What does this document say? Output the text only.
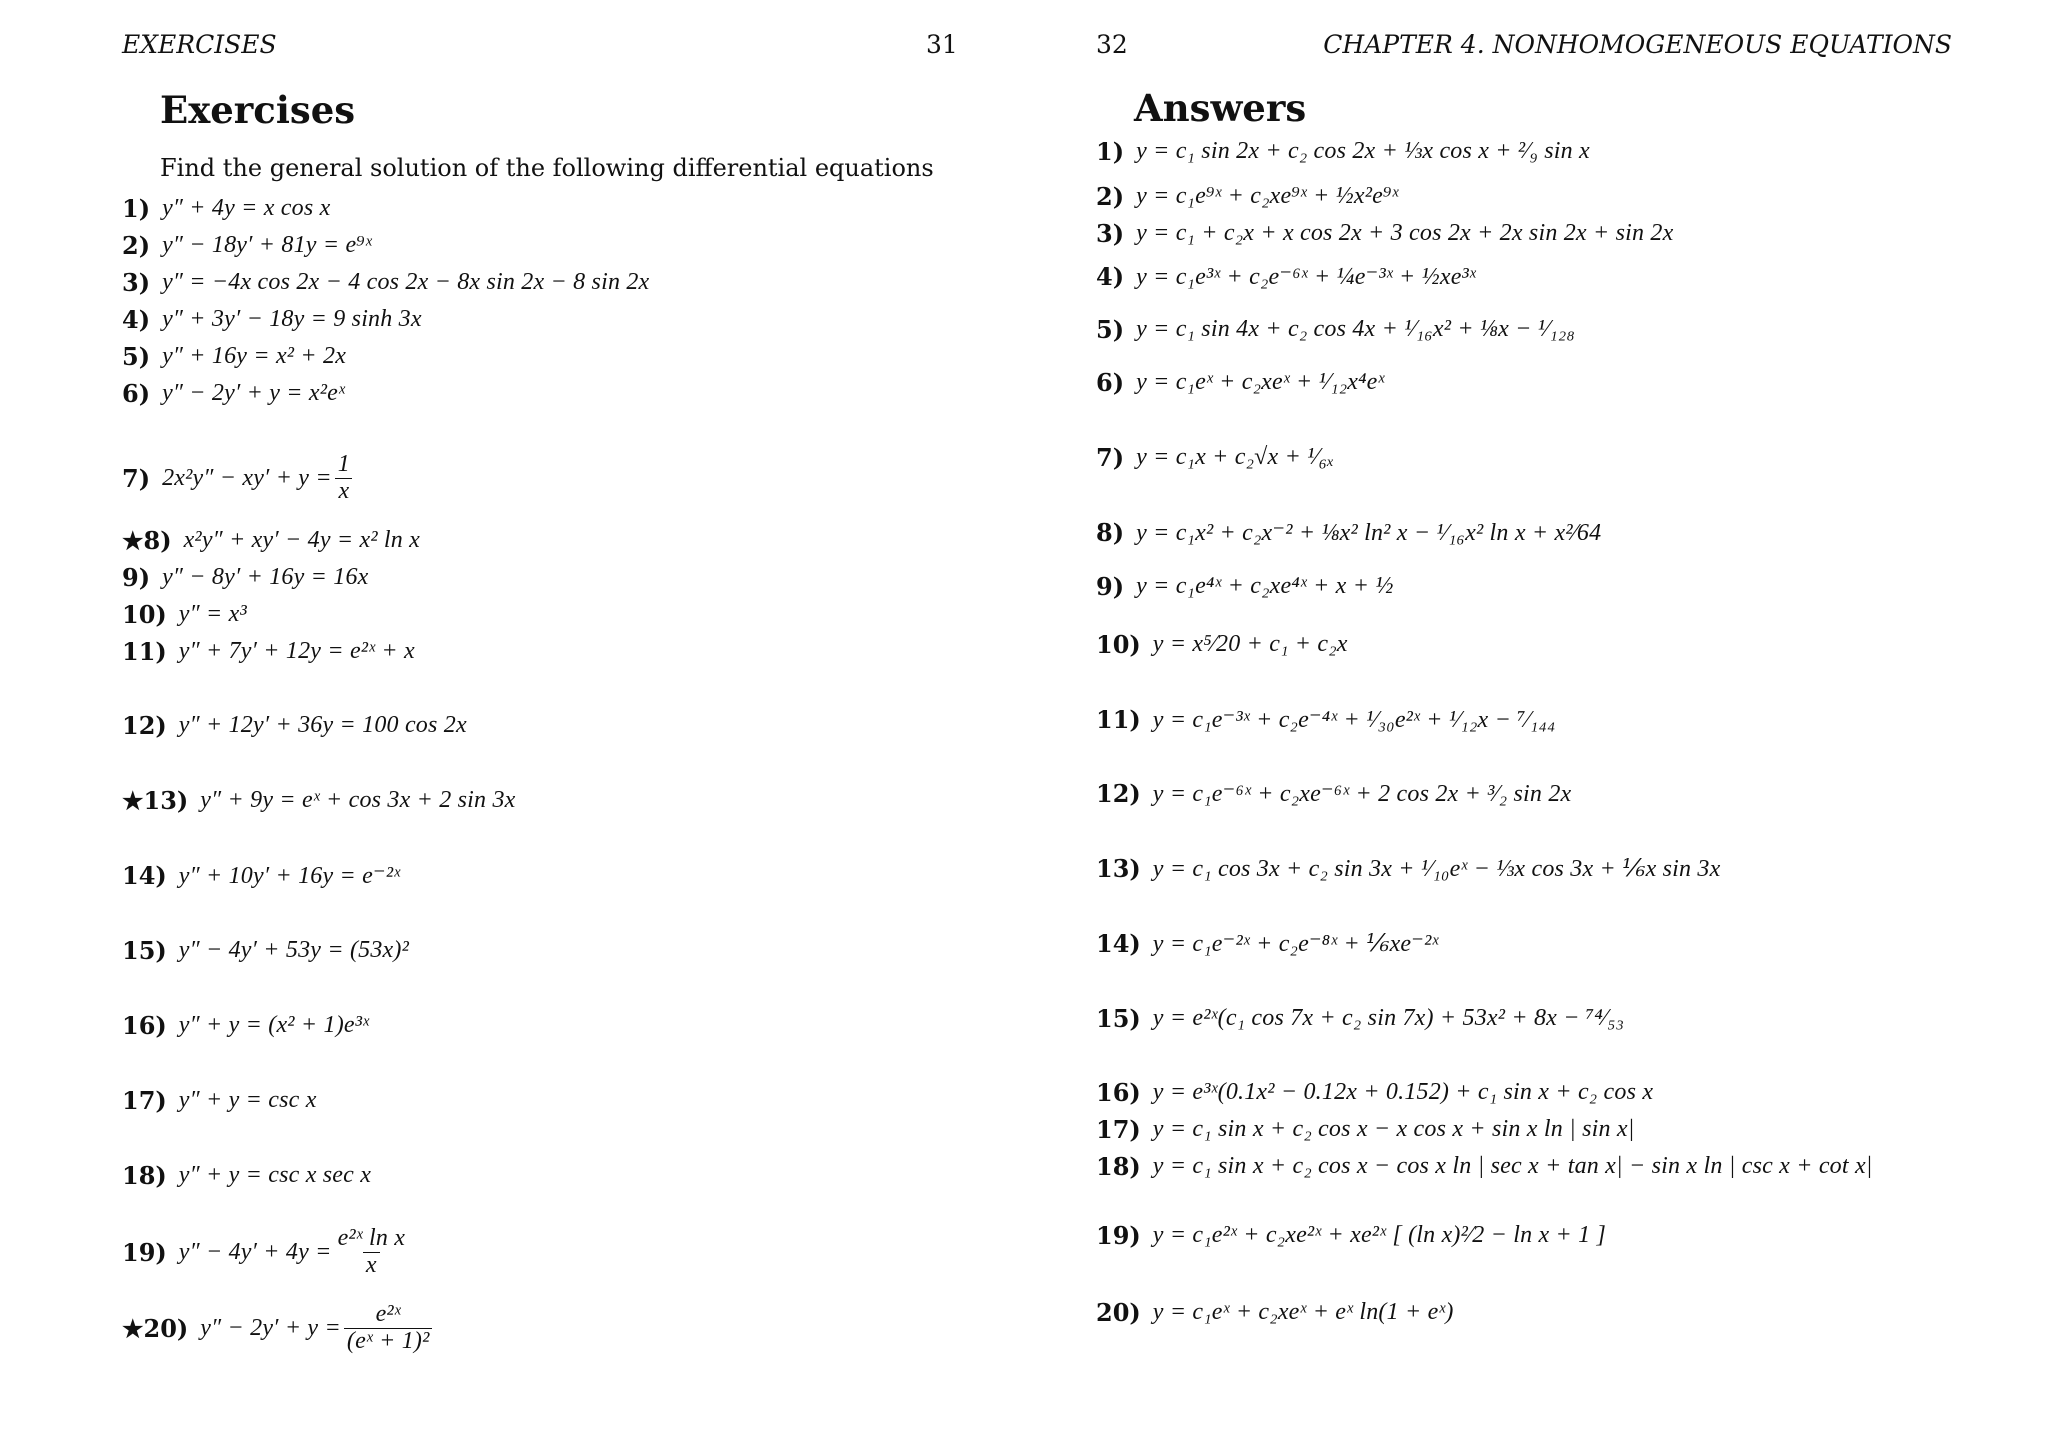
EXERCISES	31
Exercises
Find the general solution of the following differential equations
1) y″ + 4y = x cos x
2) y″ − 18y′ + 81y = e⁹ˣ
3) y″ = −4x cos 2x − 4 cos 2x − 8x sin 2x − 8 sin 2x
4) y″ + 3y′ − 18y = 9 sinh 3x
5) y″ + 16y = x² + 2x
6) y″ − 2y′ + y = x²eˣ
7) $2x^2y'' - xy' + y = \frac{1}{x}$
★8) x²y″ + xy′ − 4y = x² ln x
9) y″ − 8y′ + 16y = 16x
10) y″ = x³
11) y″ + 7y′ + 12y = e²ˣ + x
12) y″ + 12y′ + 36y = 100 cos 2x
★13) y″ + 9y = eˣ + cos 3x + 2 sin 3x
14) y″ + 10y′ + 16y = e⁻²ˣ
15) y″ − 4y′ + 53y = (53x)²
16) y″ + y = (x² + 1)e³ˣ
17) y″ + y = csc x
18) y″ + y = csc x sec x
19) $y'' - 4y' + 4y = \frac{\text{e²ˣ ln x}}{x}$
★20) $y'' - 2y' + y = \frac{\text{e²ˣ}}{\text{(eˣ + 1)²}}$
32	CHAPTER 4. NONHOMOGENEOUS EQUATIONS
Answers
1) y = c₁ sin 2x + c₂ cos 2x + ⅓x cos x + ²⁄₉ sin x
2) y = c₁e⁹ˣ + c₂xe⁹ˣ + ½x²e⁹ˣ
3) y = c₁ + c₂x + x cos 2x + 3 cos 2x + 2x sin 2x + sin 2x
4) y = c₁e³ˣ + c₂e⁻⁶ˣ + ¼e⁻³ˣ + ½xe³ˣ
5) y = c₁ sin 4x + c₂ cos 4x + ¹⁄₁₆x² + ⅛x − ¹⁄₁₂₈
6) y = c₁eˣ + c₂xeˣ + ¹⁄₁₂x⁴eˣ
7) y = c₁x + c₂√x + ¹⁄₆ₓ
8) y = c₁x² + c₂x⁻² + ⅛x² ln² x − ¹⁄₁₆x² ln x + x²⁄64
9) y = c₁e⁴ˣ + c₂xe⁴ˣ + x + ½
10) y = x⁵⁄20 + c₁ + c₂x
11) y = c₁e⁻³ˣ + c₂e⁻⁴ˣ + ¹⁄₃₀e²ˣ + ¹⁄₁₂x − ⁷⁄₁₄₄
12) y = c₁e⁻⁶ˣ + c₂xe⁻⁶ˣ + 2 cos 2x + ³⁄₂ sin 2x
13) y = c₁ cos 3x + c₂ sin 3x + ¹⁄₁₀eˣ − ⅓x cos 3x + ⅙x sin 3x
14) y = c₁e⁻²ˣ + c₂e⁻⁸ˣ + ⅙xe⁻²ˣ
15) y = e²ˣ(c₁ cos 7x + c₂ sin 7x) + 53x² + 8x − ⁷⁴⁄₅₃
16) y = e³ˣ(0.1x² − 0.12x + 0.152) + c₁ sin x + c₂ cos x
17) y = c₁ sin x + c₂ cos x − x cos x + sin x ln | sin x|
18) y = c₁ sin x + c₂ cos x − cos x ln | sec x + tan x| − sin x ln | csc x + cot x|
19) y = c₁e²ˣ + c₂xe²ˣ + xe²ˣ [ (ln x)²⁄2 − ln x + 1 ]
20) y = c₁eˣ + c₂xeˣ + eˣ ln(1 + eˣ)
